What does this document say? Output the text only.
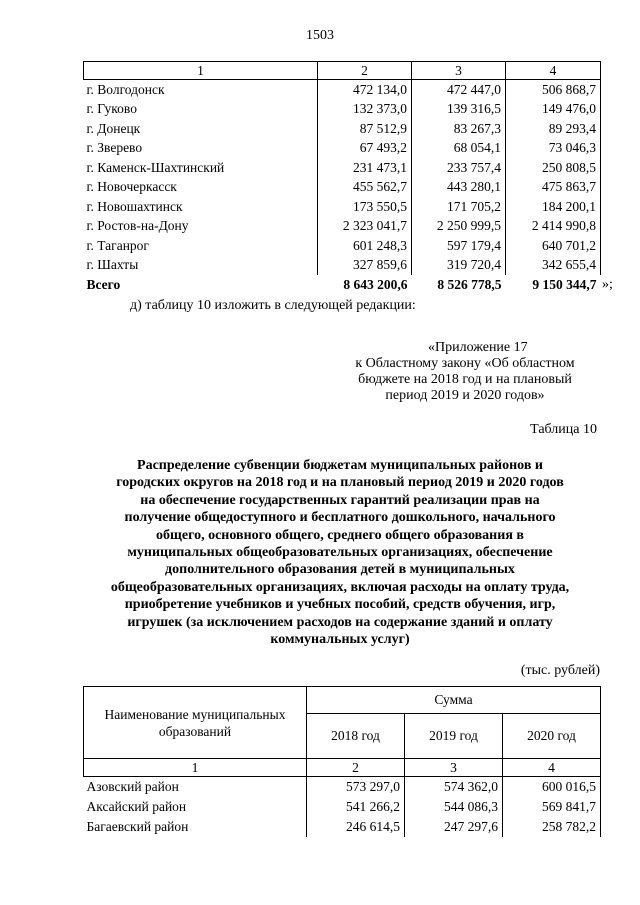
1503
1	2	3	4
г. Волгодонск	472 134,0	472 447,0	506 868,7
г. Гуково	132 373,0	139 316,5	149 476,0
г. Донецк	87 512,9	83 267,3	89 293,4
г. Зверево	67 493,2	68 054,1	73 046,3
г. Каменск-Шахтинский	231 473,1	233 757,4	250 808,5
г. Новочеркасск	455 562,7	443 280,1	475 863,7
г. Новошахтинск	173 550,5	171 705,2	184 200,1
г. Ростов-на-Дону	2 323 041,7	2 250 999,5	2 414 990,8
г. Таганрог	601 248,3	597 179,4	640 701,2
г. Шахты	327 859,6	319 720,4	342 655,4
Всего	8 643 200,6	8 526 778,5	9 150 344,7 »;
д) таблицу 10 изложить в следующей редакции:
«Приложение 17
к Областному закону «Об областном
бюджете на 2018 год и на плановый
период 2019 и 2020 годов»
Таблица 10
Распределение субвенции бюджетам муниципальных районов и
городских округов на 2018 год и на плановый период 2019 и 2020 годов
на обеспечение государственных гарантий реализации прав на
получение общедоступного и бесплатного дошкольного, начального
общего, основного общего, среднего общего образования в
муниципальных общеобразовательных организациях, обеспечение
дополнительного образования детей в муниципальных
общеобразовательных организациях, включая расходы на оплату труда,
приобретение учебников и учебных пособий, средств обучения, игр,
игрушек (за исключением расходов на содержание зданий и оплату
коммунальных услуг)
(тыс. рублей)
Наименование муниципальных
образований	Сумма		
	2018 год	2019 год	2020 год
1	2	3	4
Азовский район	573 297,0	574 362,0	600 016,5
Аксайский район	541 266,2	544 086,3	569 841,7
Багаевский район	246 614,5	247 297,6	258 782,2
